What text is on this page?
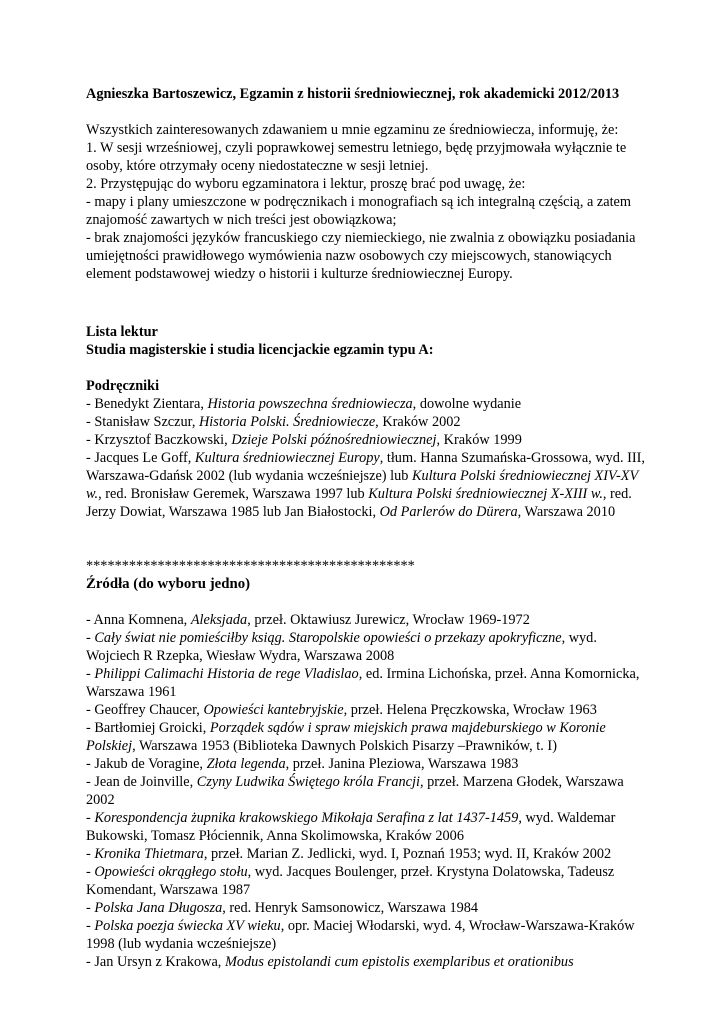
Agnieszka Bartoszewicz, Egzamin z historii średniowiecznej, rok akademicki 2012/2013

Wszystkich zainteresowanych zdawaniem u mnie egzaminu ze średniowiecza, informuję, że:

1. W sesji wrześniowej, czyli poprawkowej semestru letniego, będę przyjmowała wyłącznie te osoby, które otrzymały oceny niedostateczne w sesji letniej.

2. Przystępując do wyboru egzaminatora i lektur, proszę brać pod uwagę, że:

- mapy i plany umieszczone w podręcznikach i monografiach są ich integralną częścią, a zatem znajomość zawartych w nich treści jest obowiązkowa;

- brak znajomości języków francuskiego czy niemieckiego, nie zwalnia z obowiązku posiadania umiejętności prawidłowego wymówienia nazw osobowych czy miejscowych, stanowiących element podstawowej wiedzy o historii i kulturze średniowiecznej Europy.

Lista lektur

Studia magisterskie i studia licencjackie egzamin typu A:

Podręczniki

- Benedykt Zientara, Historia powszechna średniowiecza, dowolne wydanie

- Stanisław Szczur, Historia Polski. Średniowiecze, Kraków 2002

- Krzysztof Baczkowski, Dzieje Polski późnośredniowiecznej, Kraków 1999

- Jacques Le Goff, Kultura średniowiecznej Europy, tłum. Hanna Szumańska-Grossowa, wyd. III, Warszawa-Gdańsk 2002 (lub wydania wcześniejsze) lub Kultura Polski średniowiecznej XIV-XV w., red. Bronisław Geremek, Warszawa 1997 lub Kultura Polski średniowiecznej X-XIII w., red. Jerzy Dowiat, Warszawa 1985 lub Jan Białostocki, Od Parlerów do Dürera, Warszawa 2010

**********************************************

Źródła (do wyboru jedno)

- Anna Komnena, Aleksjada, przeł. Oktawiusz Jurewicz, Wrocław 1969-1972

- Cały świat nie pomieściłby ksiąg. Staropolskie opowieści o przekazy apokryficzne, wyd. Wojciech R Rzepka, Wiesław Wydra, Warszawa 2008

- Philippi Calimachi Historia de rege Vladislao, ed. Irmina Lichońska, przeł. Anna Komornicka, Warszawa 1961

- Geoffrey Chaucer, Opowieści kantebryjskie, przeł. Helena Pręczkowska, Wrocław 1963

- Bartłomiej Groicki, Porządek sądów i spraw miejskich prawa majdeburskiego w Koronie Polskiej, Warszawa 1953 (Biblioteka Dawnych Polskich Pisarzy –Prawników, t. I)

- Jakub de Voragine, Złota legenda, przeł. Janina Pleziowa, Warszawa 1983

- Jean de Joinville, Czyny Ludwika Świętego króla Francji, przeł. Marzena Głodek, Warszawa 2002

- Korespondencja żupnika krakowskiego Mikołaja Serafina z lat 1437-1459, wyd. Waldemar Bukowski, Tomasz Płóciennik, Anna Skolimowska, Kraków 2006

- Kronika Thietmara, przeł. Marian Z. Jedlicki, wyd. I, Poznań 1953; wyd. II, Kraków 2002

- Opowieści okrągłego stołu, wyd. Jacques Boulenger, przeł. Krystyna Dolatowska, Tadeusz Komendant, Warszawa 1987

- Polska Jana Długosza, red. Henryk Samsonowicz, Warszawa 1984

- Polska poezja świecka XV wieku, opr. Maciej Włodarski, wyd. 4, Wrocław-Warszawa-Kraków 1998 (lub wydania wcześniejsze)

- Jan Ursyn z Krakowa, Modus epistolandi cum epistolis exemplaribus et orationibus
